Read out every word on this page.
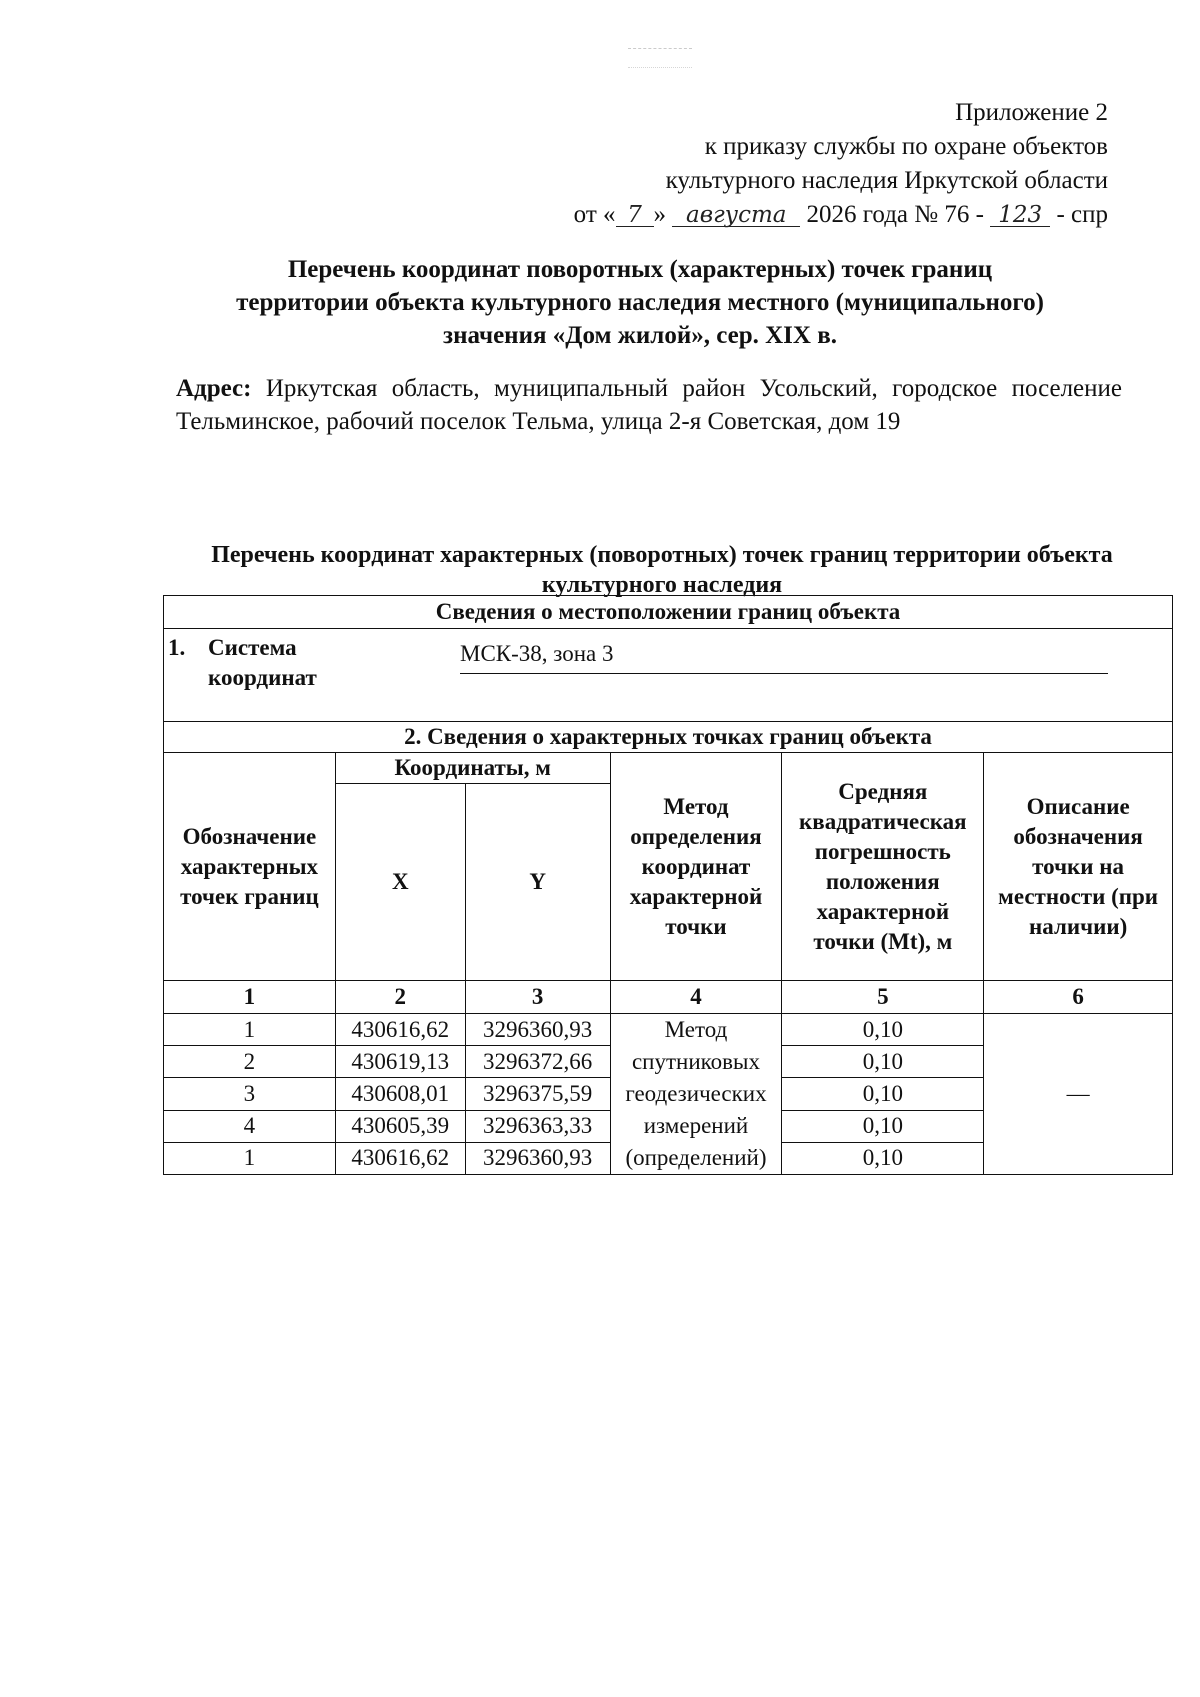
Приложение 2
к приказу службы по охране объектов
культурного наследия Иркутской области
от « 7 » августа 2026 года № 76 - 123 - спр
Перечень координат поворотных (характерных) точек границ
территории объекта культурного наследия местного (муниципального)
значения «Дом жилой», сер. XIX в.
Адрес: Иркутская область, муниципальный район Усольский, городское поселение Тельминское, рабочий поселок Тельма, улица 2-я Советская, дом 19
Перечень координат характерных (поворотных) точек границ территории объекта
культурного наследия
Сведения о местоположении границ объекта					

1. Система
координат
МСК-38, зона 3					

2. Сведения о характерных точках границ объекта					
Обозначение характерных точек границ	Координаты, м		Метод определения координат характерной точки	Средняя квадратическая погрешность положения характерной точки (Mt), м	Описание обозначения точки на местности (при наличии)
	X	Y			
1	2	3	4	5	6
1	430616,62	3296360,93	Метод спутниковых геодезических измерений (определений)	0,10	—
2	430619,13	3296372,66		0,10	
3	430608,01	3296375,59		0,10	
4	430605,39	3296363,33		0,10	
1	430616,62	3296360,93		0,10	
